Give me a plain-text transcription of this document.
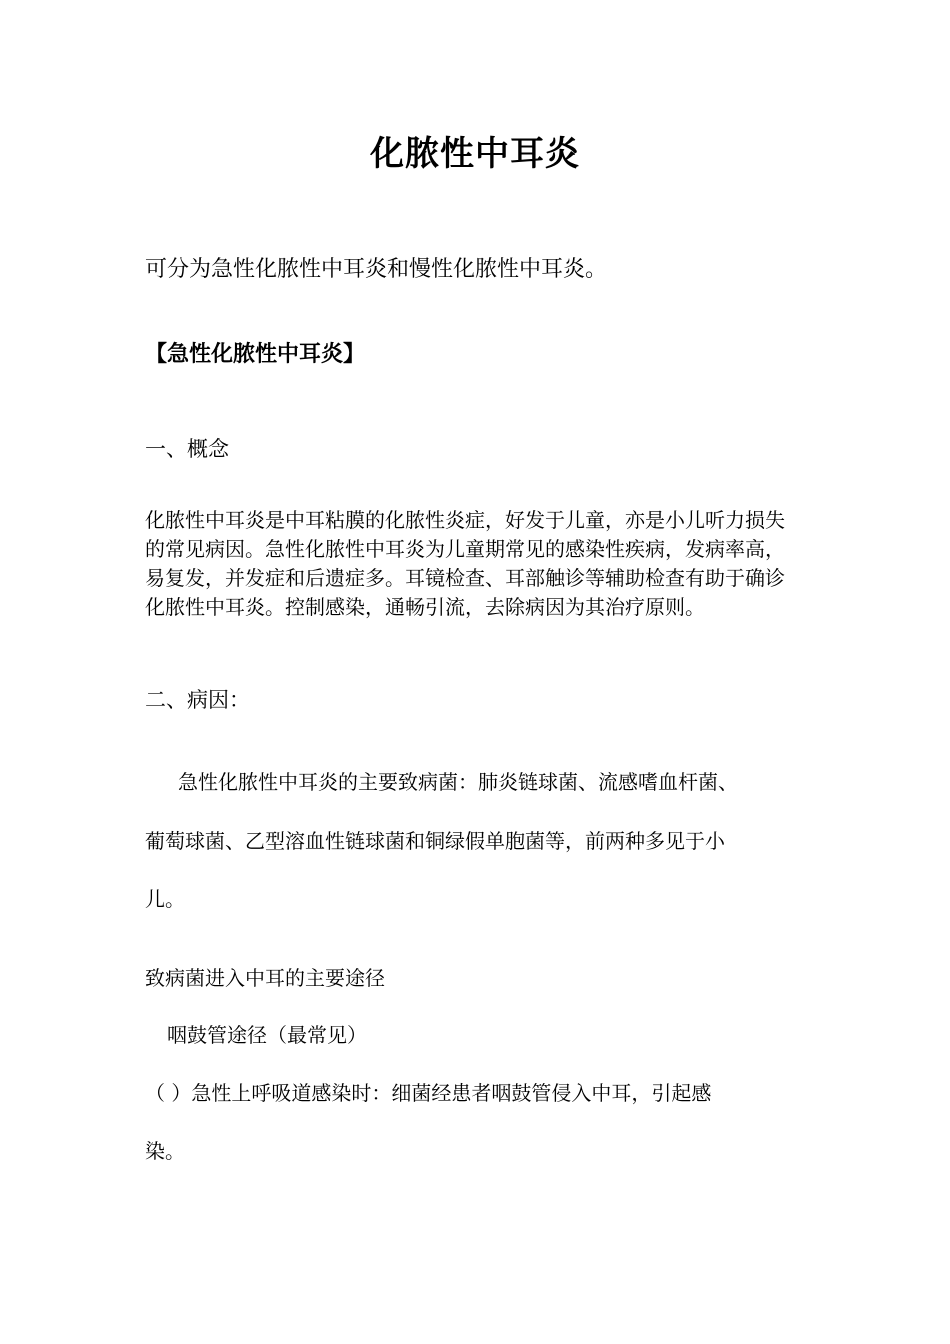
化脓性中耳炎
可分为急性化脓性中耳炎和慢性化脓性中耳炎。
【急性化脓性中耳炎】
一、概念
化脓性中耳炎是中耳粘膜的化脓性炎症，好发于儿童，亦是小儿听力损失的常见病因。急性化脓性中耳炎为儿童期常见的感染性疾病，发病率高，易复发，并发症和后遗症多。耳镜检查、耳部触诊等辅助检查有助于确诊化脓性中耳炎。控制感染，通畅引流，去除病因为其治疗原则。
二、病因：
急性化脓性中耳炎的主要致病菌：肺炎链球菌、流感嗜血杆菌、
葡萄球菌、乙型溶血性链球菌和铜绿假单胞菌等，前两种多见于小
儿。
致病菌进入中耳的主要途径
咽鼓管途径（最常见）
（ ）急性上呼吸道感染时：细菌经患者咽鼓管侵入中耳，引起感
染。
